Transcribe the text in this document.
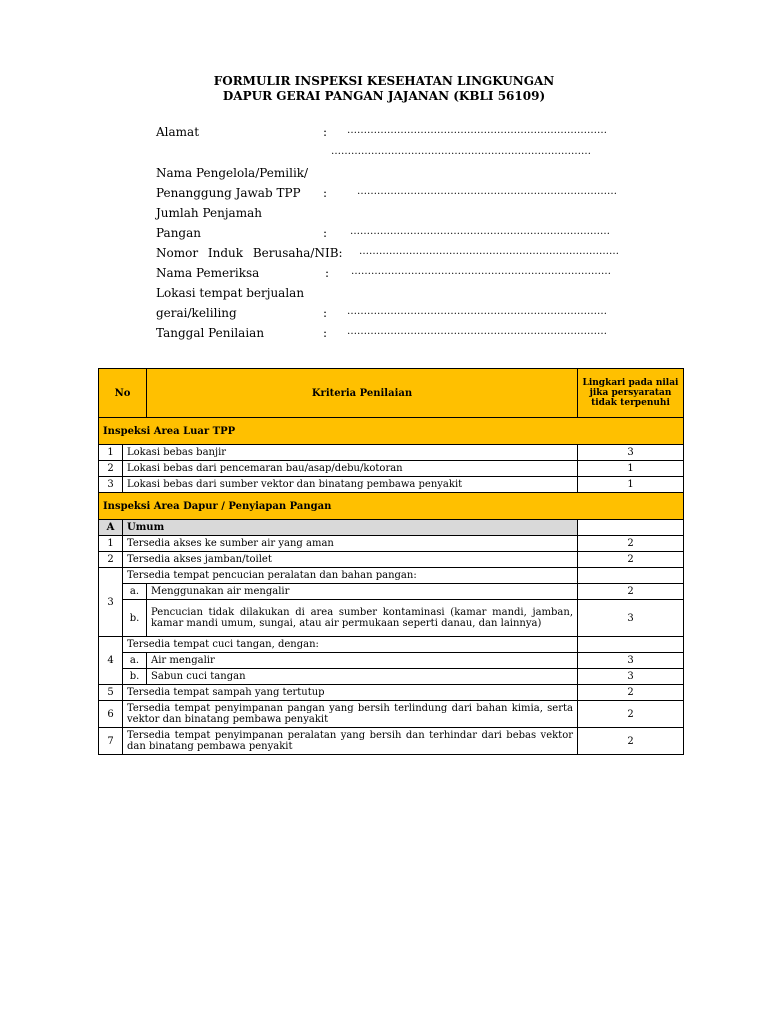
FORMULIR INSPEKSI KESEHATAN LINGKUNGAN
DAPUR GERAI PANGAN JAJANAN (KBLI 56109)
Alamat	: ……………………………………………………………………
……………………………………………………………………
Nama Pengelola/Pemilik/
Penanggung Jawab TPP :	……………………………………………………………………
Jumlah Penjamah
Pangan	: ……………………………………………………………………
Nomor Induk Berusaha/NIB: ……………………………………………………………………
Nama Pemeriksa	: ……………………………………………………………………
Lokasi tempat berjualan
gerai/keliling	: ……………………………………………………………………
Tanggal Penilaian	: ……………………………………………………………………
No		Kriteria Penilaian	Lingkari pada nilai jika persyaratan tidak terpenuhi
Inspeksi Area Luar TPP			
1	Lokasi bebas banjir		3
2	Lokasi bebas dari pencemaran bau/asap/debu/kotoran		1
3	Lokasi bebas dari sumber vektor dan binatang pembawa penyakit		1
Inspeksi Area Dapur / Penyiapan Pangan			
A	Umum		
1	Tersedia akses ke sumber air yang aman		2
2	Tersedia akses jamban/toilet		2
3	Tersedia tempat pencucian peralatan dan bahan pangan:		
	a.	Menggunakan air mengalir	2
	b.	Pencucian tidak dilakukan di area sumber kontaminasi (kamar mandi, jamban, kamar mandi umum, sungai, atau air permukaan seperti danau, dan lainnya)	3
4	Tersedia tempat cuci tangan, dengan:		
	a.	Air mengalir	3
	b.	Sabun cuci tangan	3
5	Tersedia tempat sampah yang tertutup		2
6	Tersedia tempat penyimpanan pangan yang bersih terlindung dari bahan kimia, serta vektor dan binatang pembawa penyakit		2
7	Tersedia tempat penyimpanan peralatan yang bersih dan terhindar dari bebas vektor dan binatang pembawa penyakit		2
